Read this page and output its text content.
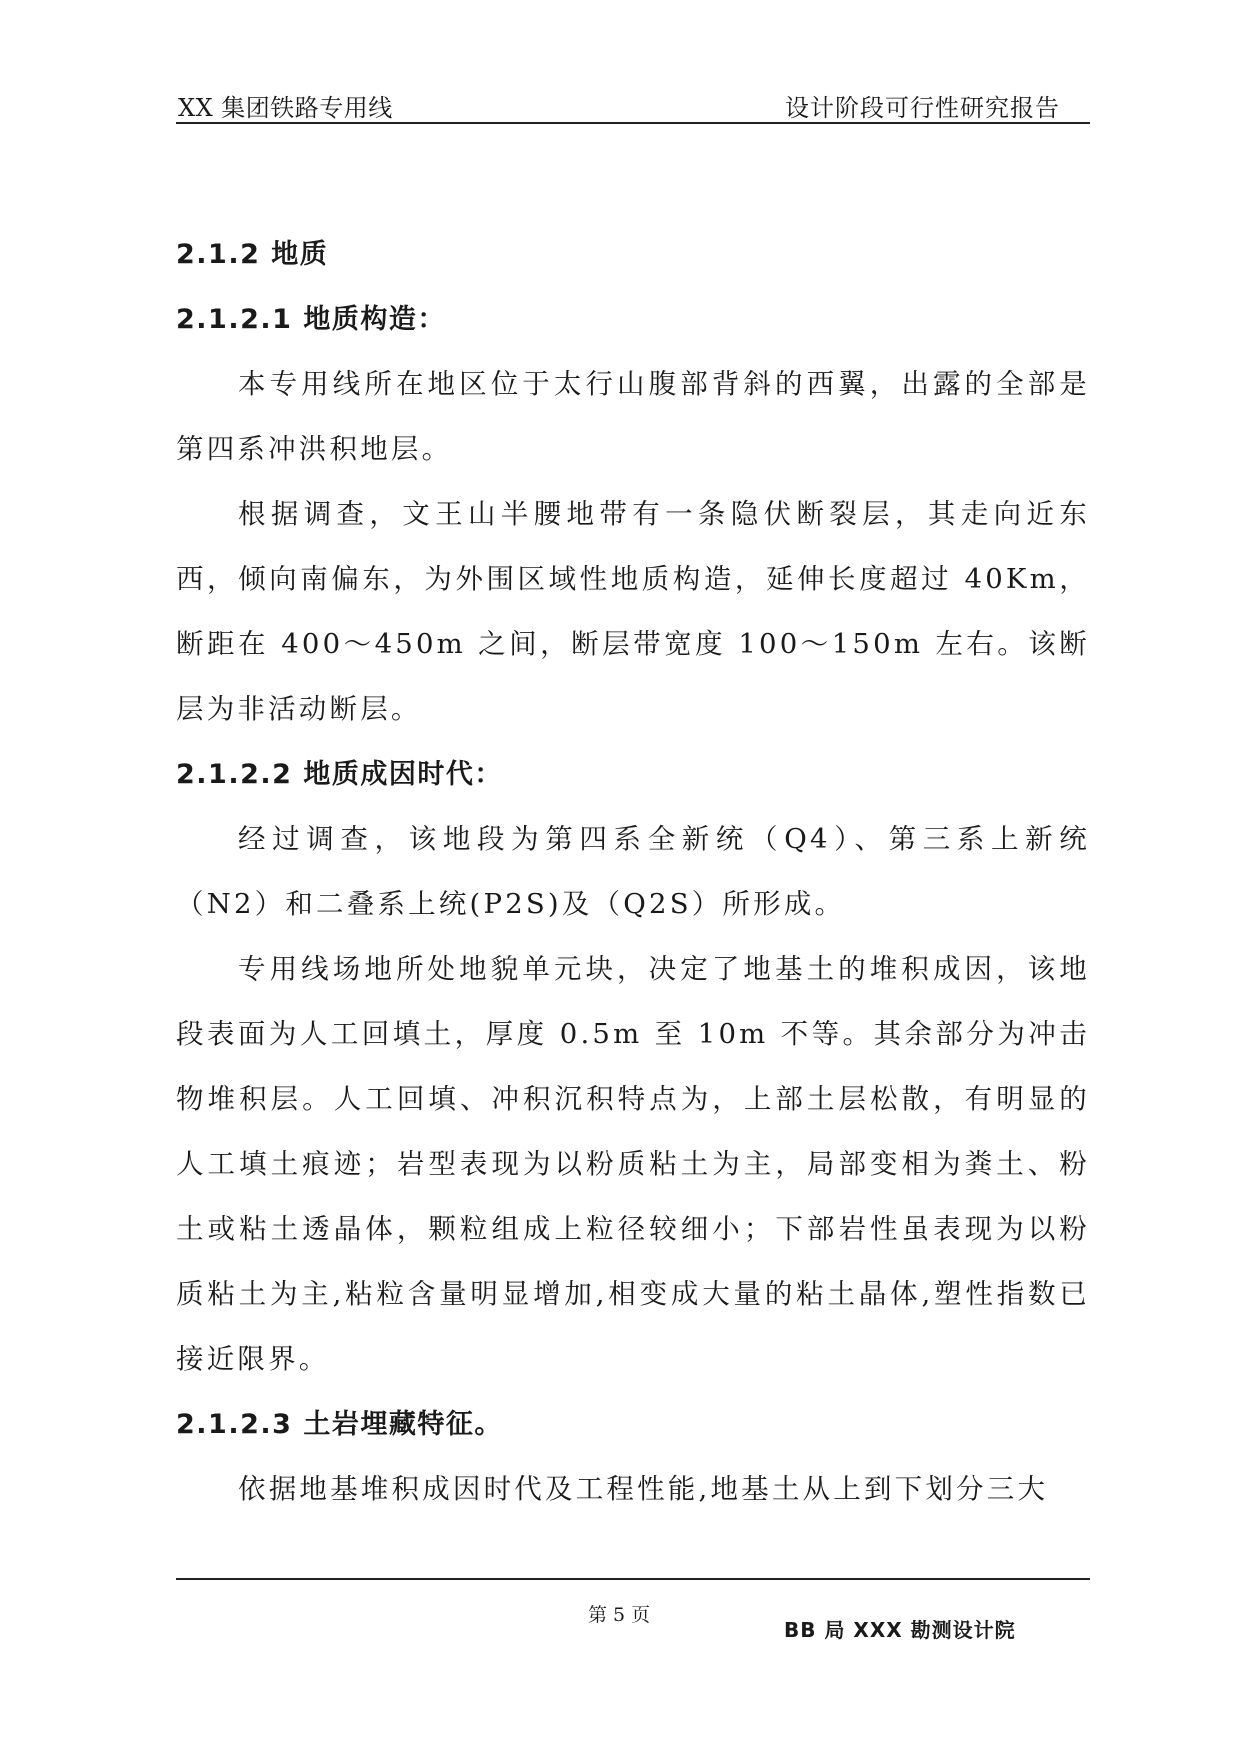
XX 集团铁路专用线	设计阶段可行性研究报告
2.1.2 地质
2.1.2.1 地质构造：

本专用线所在地区位于太行山腹部背斜的西翼，出露的全部是第四系冲洪积地层。

根据调查，文王山半腰地带有一条隐伏断裂层，其走向近东西，倾向南偏东，为外围区域性地质构造，延伸长度超过 40Km，断距在 400～450m 之间，断层带宽度 100～150m 左右。该断层为非活动断层。

2.1.2.2 地质成因时代：

经过调查，该地段为第四系全新统（Q4）、第三系上新统（N2）和二叠系上统(P2S)及（Q2S）所形成。

专用线场地所处地貌单元块，决定了地基土的堆积成因，该地段表面为人工回填土，厚度 0.5m 至 10m 不等。其余部分为冲击物堆积层。人工回填、冲积沉积特点为，上部土层松散，有明显的人工填土痕迹；岩型表现为以粉质粘土为主，局部变相为粪土、粉土或粘土透晶体，颗粒组成上粒径较细小；下部岩性虽表现为以粉质粘土为主,粘粒含量明显增加,相变成大量的粘土晶体,塑性指数已接近限界。

2.1.2.3 土岩埋藏特征。

依据地基堆积成因时代及工程性能,地基土从上到下划分三大

第 5 页
BB 局 XXX 勘测设计院
